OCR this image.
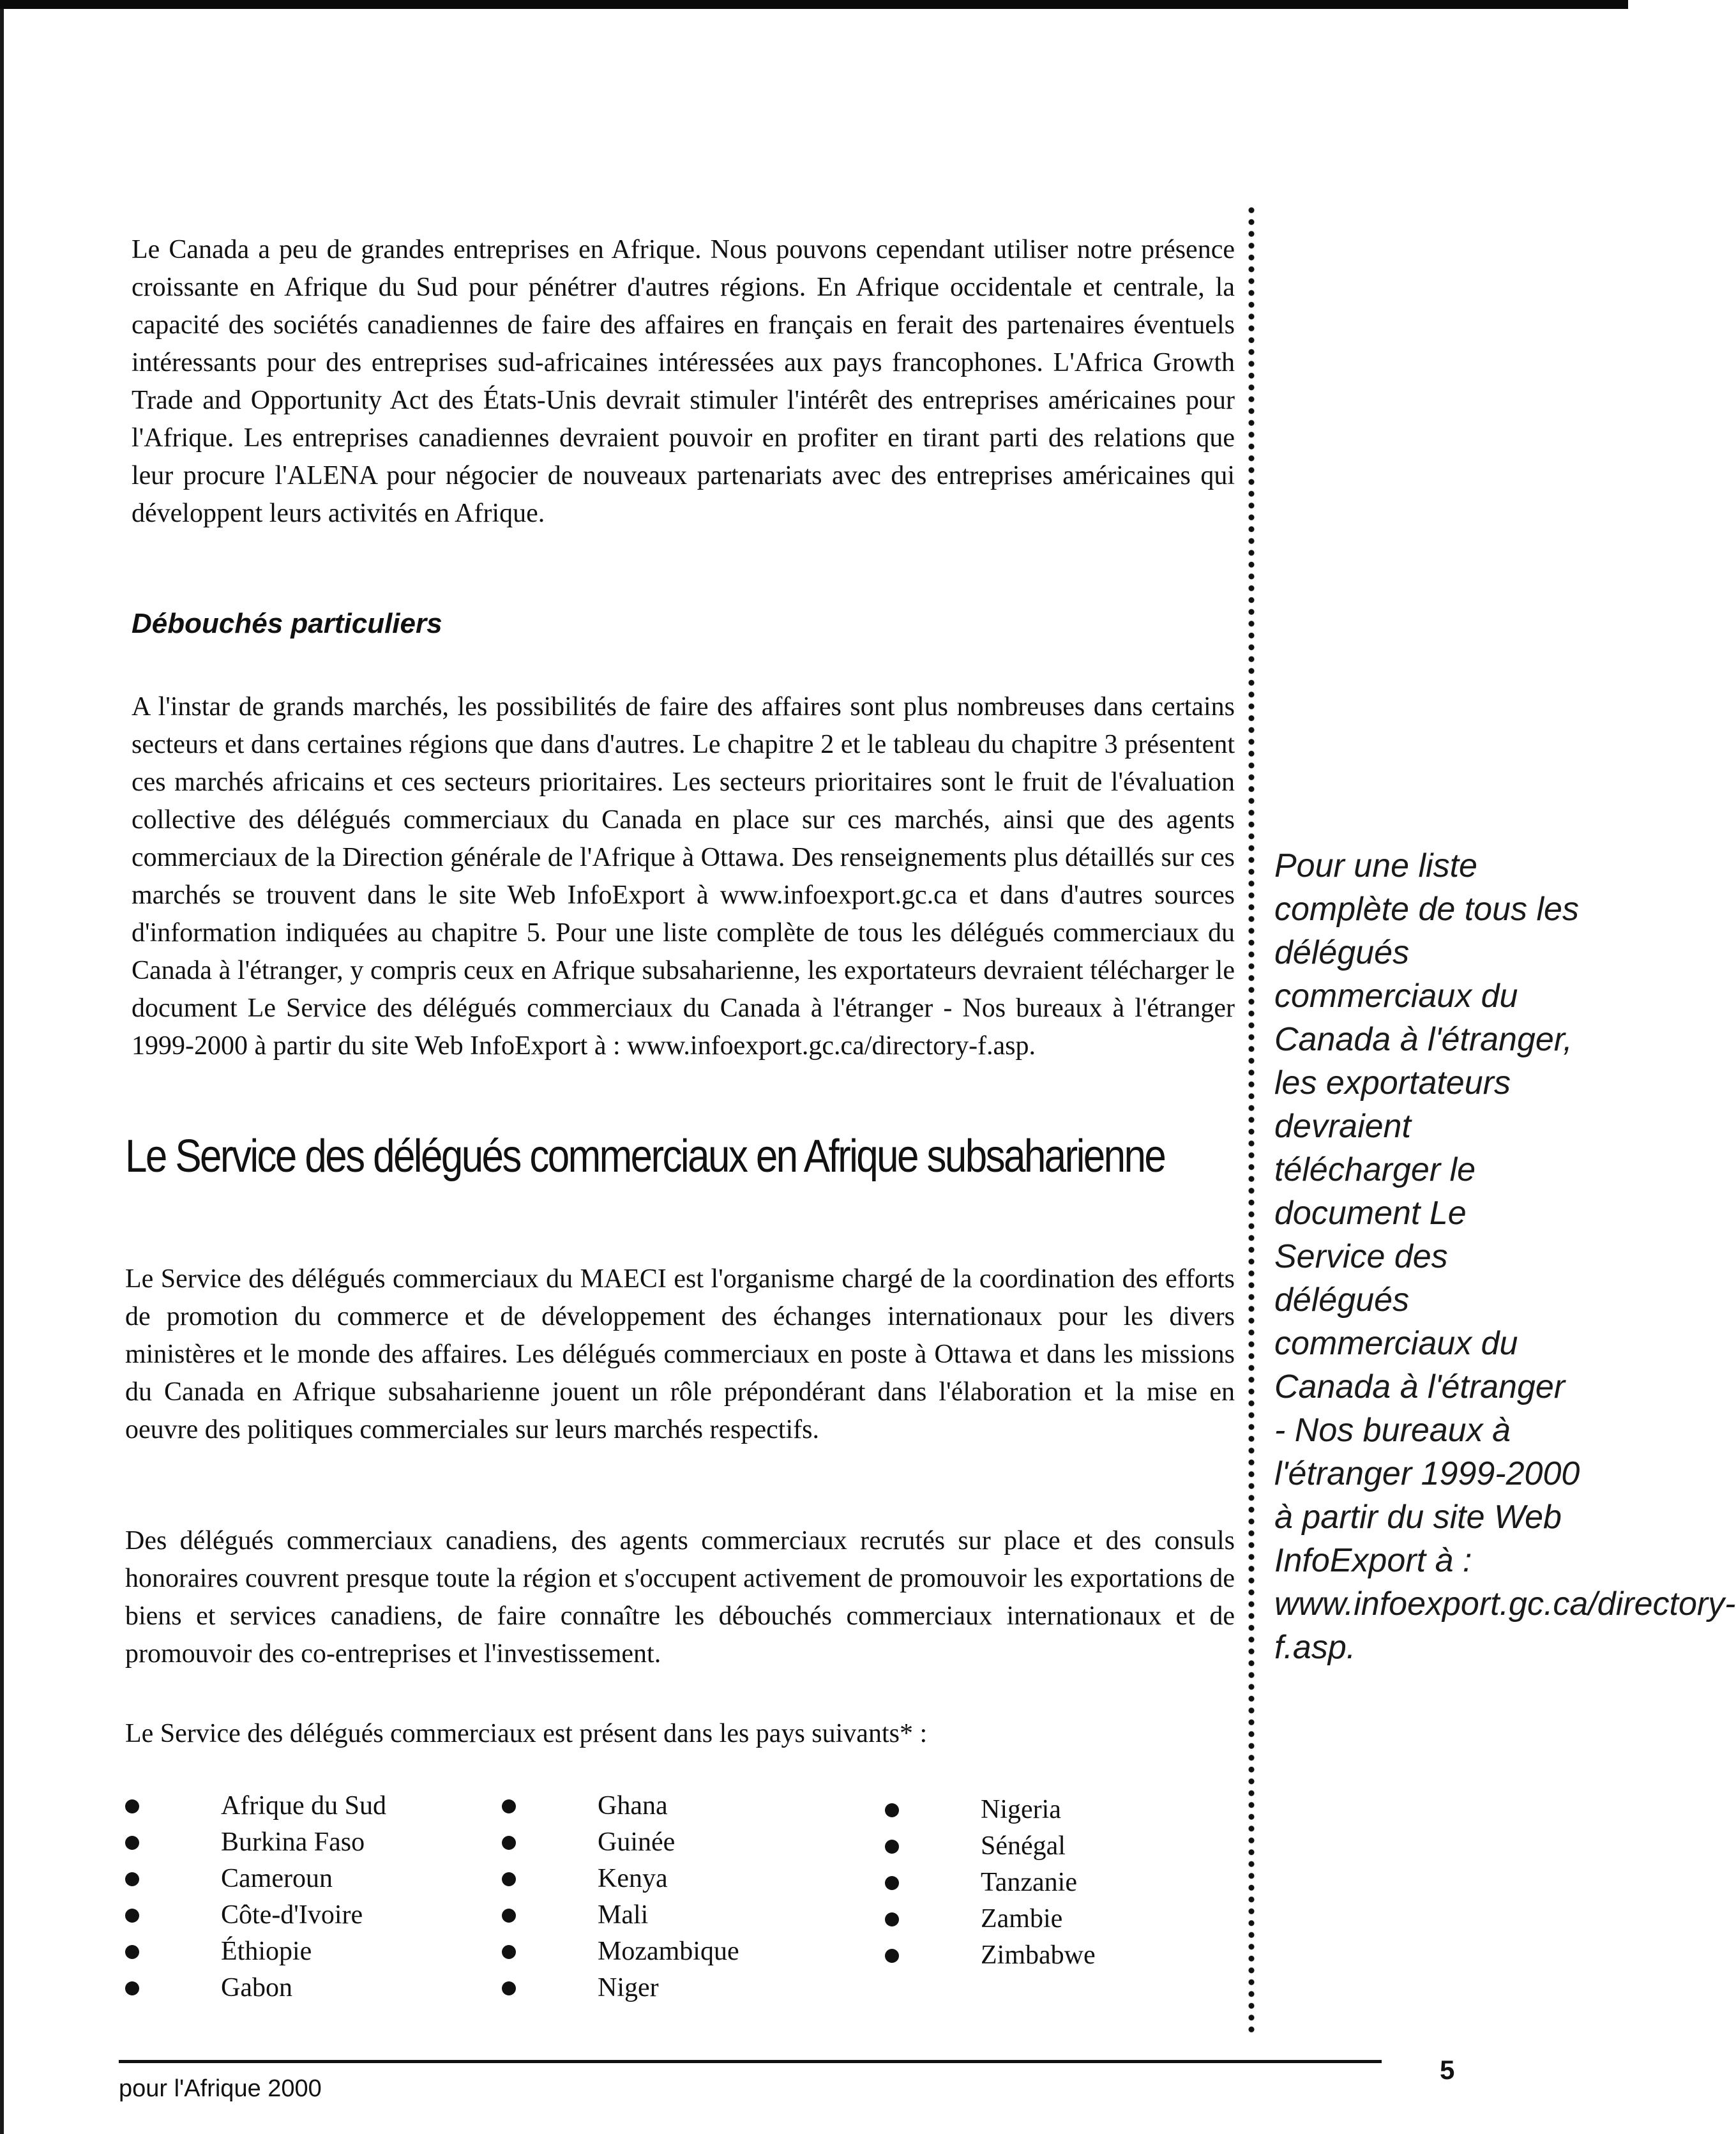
Le Canada a peu de grandes entreprises en Afrique. Nous pouvons cependant utiliser notre présence croissante en Afrique du Sud pour pénétrer d'autres régions. En Afrique occidentale et centrale, la capacité des sociétés canadiennes de faire des affaires en français en ferait des partenaires éventuels intéressants pour des entreprises sud-africaines intéressées aux pays francophones. L'Africa Growth Trade and Opportunity Act des États-Unis devrait stimuler l'intérêt des entreprises américaines pour l'Afrique. Les entreprises canadiennes devraient pouvoir en profiter en tirant parti des relations que leur procure l'ALENA pour négocier de nouveaux partenariats avec des entreprises américaines qui développent leurs activités en Afrique.

Débouchés particuliers

A l'instar de grands marchés, les possibilités de faire des affaires sont plus nombreuses dans certains secteurs et dans certaines régions que dans d'autres. Le chapitre 2 et le tableau du chapitre 3 présentent ces marchés africains et ces secteurs prioritaires. Les secteurs prioritaires sont le fruit de l'évaluation collective des délégués commerciaux du Canada en place sur ces marchés, ainsi que des agents commerciaux de la Direction générale de l'Afrique à Ottawa. Des renseignements plus détaillés sur ces marchés se trouvent dans le site Web InfoExport à www.infoexport.gc.ca et dans d'autres sources d'information indiquées au chapitre 5. Pour une liste complète de tous les délégués commerciaux du Canada à l'étranger, y compris ceux en Afrique subsaharienne, les exportateurs devraient télécharger le document Le Service des délégués commerciaux du Canada à l'étranger - Nos bureaux à l'étranger 1999-2000 à partir du site Web InfoExport à : www.infoexport.gc.ca/directory-f.asp.

Le Service des délégués commerciaux en Afrique subsaharienne

Le Service des délégués commerciaux du MAECI est l'organisme chargé de la coordination des efforts de promotion du commerce et de développement des échanges internationaux pour les divers ministères et le monde des affaires. Les délégués commerciaux en poste à Ottawa et dans les missions du Canada en Afrique subsaharienne jouent un rôle prépondérant dans l'élaboration et la mise en oeuvre des politiques commerciales sur leurs marchés respectifs.

Des délégués commerciaux canadiens, des agents commerciaux recrutés sur place et des consuls honoraires couvrent presque toute la région et s'occupent activement de promouvoir les exportations de biens et services canadiens, de faire connaître les débouchés commerciaux internationaux et de promouvoir des co-entreprises et l'investissement.

Le Service des délégués commerciaux est présent dans les pays suivants* :

Afrique du Sud
Burkina Faso
Cameroun
Côte-d'Ivoire
Éthiopie
Gabon
Ghana
Guinée
Kenya
Mali
Mozambique
Niger
Nigeria
Sénégal
Tanzanie
Zambie
Zimbabwe

Pour une liste complète de tous les délégués commerciaux du Canada à l'étranger, les exportateurs devraient télécharger le document Le Service des délégués commerciaux du Canada à l'étranger - Nos bureaux à l'étranger 1999-2000 à partir du site Web InfoExport à : www.infoexport.gc.ca/directory-f.asp.

pour l'Afrique 2000
5
